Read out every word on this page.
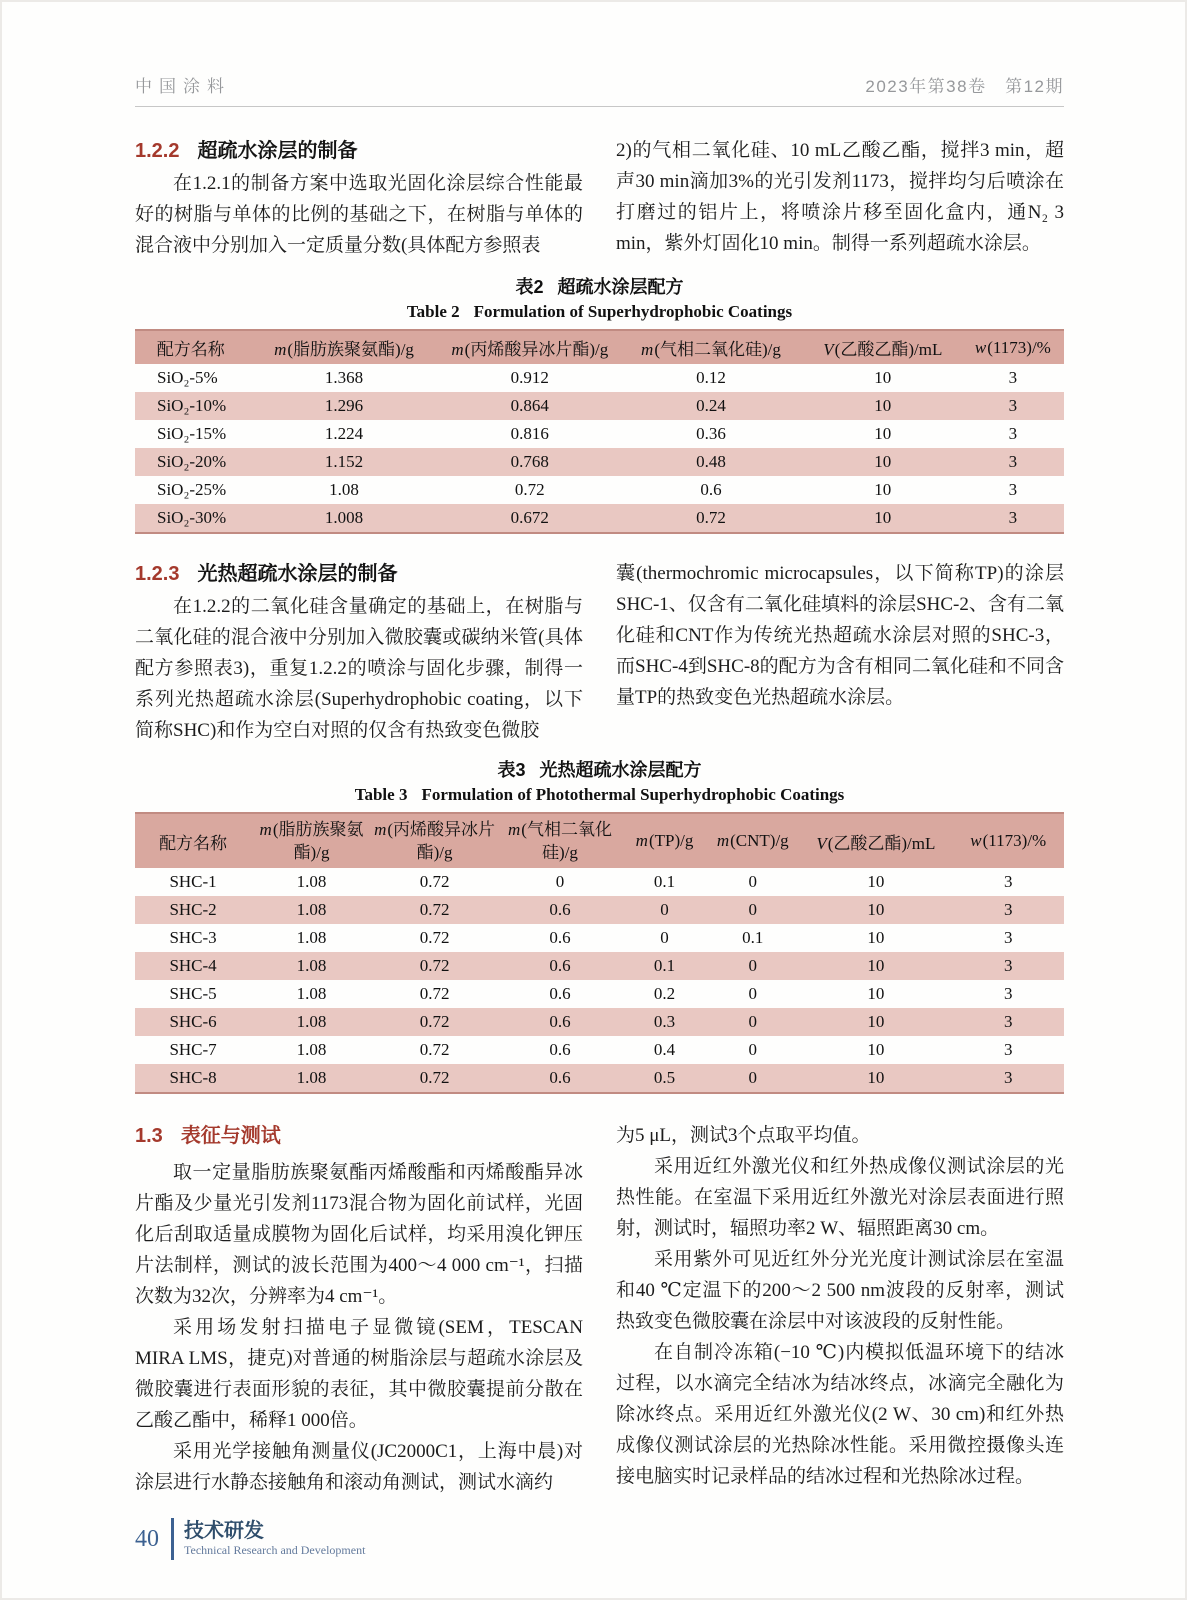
中国涂料	2023年第38卷　第12期
1.2.2 超疏水涂层的制备
在1.2.1的制备方案中选取光固化涂层综合性能最好的树脂与单体的比例的基础之下，在树脂与单体的混合液中分别加入一定质量分数(具体配方参照表
2)的气相二氧化硅、10 mL乙酸乙酯，搅拌3 min，超声30 min滴加3%的光引发剂1173，搅拌均匀后喷涂在打磨过的铝片上，将喷涂片移至固化盒内，通N₂ 3 min，紫外灯固化10 min。制得一系列超疏水涂层。
表2 超疏水涂层配方
Table 2 Formulation of Superhydrophobic Coatings
配方名称	m(脂肪族聚氨酯)/g	m(丙烯酸异冰片酯)/g	m(气相二氧化硅)/g	V(乙酸乙酯)/mL	w(1173)/%
SiO₂-5%	1.368	0.912	0.12	10	3
SiO₂-10%	1.296	0.864	0.24	10	3
SiO₂-15%	1.224	0.816	0.36	10	3
SiO₂-20%	1.152	0.768	0.48	10	3
SiO₂-25%	1.08	0.72	0.6	10	3
SiO₂-30%	1.008	0.672	0.72	10	3
1.2.3 光热超疏水涂层的制备
在1.2.2的二氧化硅含量确定的基础上，在树脂与二氧化硅的混合液中分别加入微胶囊或碳纳米管(具体配方参照表3)，重复1.2.2的喷涂与固化步骤，制得一系列光热超疏水涂层(Superhydrophobic coating，以下简称SHC)和作为空白对照的仅含有热致变色微胶
囊(thermochromic microcapsules，以下简称TP)的涂层SHC-1、仅含有二氧化硅填料的涂层SHC-2、含有二氧化硅和CNT作为传统光热超疏水涂层对照的SHC-3，而SHC-4到SHC-8的配方为含有相同二氧化硅和不同含量TP的热致变色光热超疏水涂层。
表3 光热超疏水涂层配方
Table 3 Formulation of Photothermal Superhydrophobic Coatings
配方名称	m(脂肪族聚氨酯)/g	m(丙烯酸异冰片酯)/g	m(气相二氧化硅)/g	m(TP)/g	m(CNT)/g	V(乙酸乙酯)/mL	w(1173)/%
SHC-1	1.08	0.72	0	0.1	0	10	3
SHC-2	1.08	0.72	0.6	0	0	10	3
SHC-3	1.08	0.72	0.6	0	0.1	10	3
SHC-4	1.08	0.72	0.6	0.1	0	10	3
SHC-5	1.08	0.72	0.6	0.2	0	10	3
SHC-6	1.08	0.72	0.6	0.3	0	10	3
SHC-7	1.08	0.72	0.6	0.4	0	10	3
SHC-8	1.08	0.72	0.6	0.5	0	10	3
1.3 表征与测试
取一定量脂肪族聚氨酯丙烯酸酯和丙烯酸酯异冰片酯及少量光引发剂1173混合物为固化前试样，光固化后刮取适量成膜物为固化后试样，均采用溴化钾压片法制样，测试的波长范围为400～4 000 cm⁻¹，扫描次数为32次，分辨率为4 cm⁻¹。
采用场发射扫描电子显微镜(SEM，TESCAN MIRA LMS，捷克)对普通的树脂涂层与超疏水涂层及微胶囊进行表面形貌的表征，其中微胶囊提前分散在乙酸乙酯中，稀释1 000倍。
采用光学接触角测量仪(JC2000C1，上海中晨)对涂层进行水静态接触角和滚动角测试，测试水滴约
为5 μL，测试3个点取平均值。
采用近红外激光仪和红外热成像仪测试涂层的光热性能。在室温下采用近红外激光对涂层表面进行照射，测试时，辐照功率2 W、辐照距离30 cm。
采用紫外可见近红外分光光度计测试涂层在室温和40 ℃定温下的200～2 500 nm波段的反射率，测试热致变色微胶囊在涂层中对该波段的反射性能。
在自制冷冻箱(−10 ℃)内模拟低温环境下的结冰过程，以水滴完全结冰为结冰终点，冰滴完全融化为除冰终点。采用近红外激光仪(2 W、30 cm)和红外热成像仪测试涂层的光热除冰性能。采用微控摄像头连接电脑实时记录样品的结冰过程和光热除冰过程。
40 技术研发
Technical Research and Development
